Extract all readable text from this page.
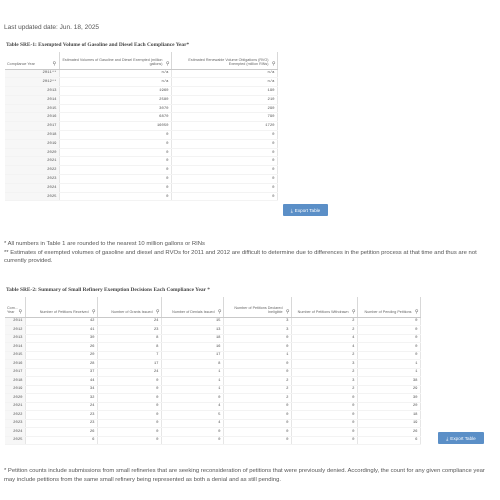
Last updated date: Jun. 18, 2025
Table SRE-1: Exempted Volume of Gasoline and Diesel Each Compliance Year*
Compliance Year ⚲	Estimated Volumes of Gasoline and Diesel Exempted (million gallons) ⚲	Estimated Renewable Volume Obligations (RVO) Exempted (million RINs) ⚲

2011**	n/a	n/a
2012**	n/a	n/a
2013	1960	190
2014	2580	210
2015	3070	290
2016	6870	790
2017	16050	1720
2018	0	0
2019	0	0
2020	0	0
2021	0	0
2022	0	0
2023	0	0
2024	0	0
2025	0	0
⤓ Export Table
* All numbers in Table 1 are rounded to the nearest 10 million gallons or RINs
** Estimates of exempted volumes of gasoline and diesel and RVOs for 2011 and 2012 are difficult to determine due to differences in the petition process at that time and thus are not currently provided.
Table SRE-2: Summary of Small Refinery Exemption Decisions Each Compliance Year *
Com... Year ⚲	Number of Petitions Received ⚲	Number of Grants Issued ⚲	Number of Denials Issued ⚲	Number of Petitions Declared Ineligible ⚲	Number of Petitions Withdrawn ⚲	Number of Pending Petitions ⚲

2011	42	24	15	3	2	0
2012	41	23	13	3	2	0
2013	30	8	18	0	4	0
2014	26	8	16	0	4	0
2015	20	7	17	1	2	0
2016	28	17	8	0	3	1
2017	37	24	1	0	2	1
2018	44	0	1	2	3	38
2019	34	0	1	2	2	29
2020	32	0	0	2	0	30
2021	24	0	4	0	0	20
2022	23	0	5	0	0	18
2023	23	0	4	0	0	19
2024	26	0	0	0	0	26
2025	6	0	0	0	0	6	⤓ Export Table
* Petition counts include submissions from small refineries that are seeking reconsideration of petitions that were previously denied. Accordingly, the count for any given compliance year may include petitions from the same small refinery being represented as both a denial and as still pending.
